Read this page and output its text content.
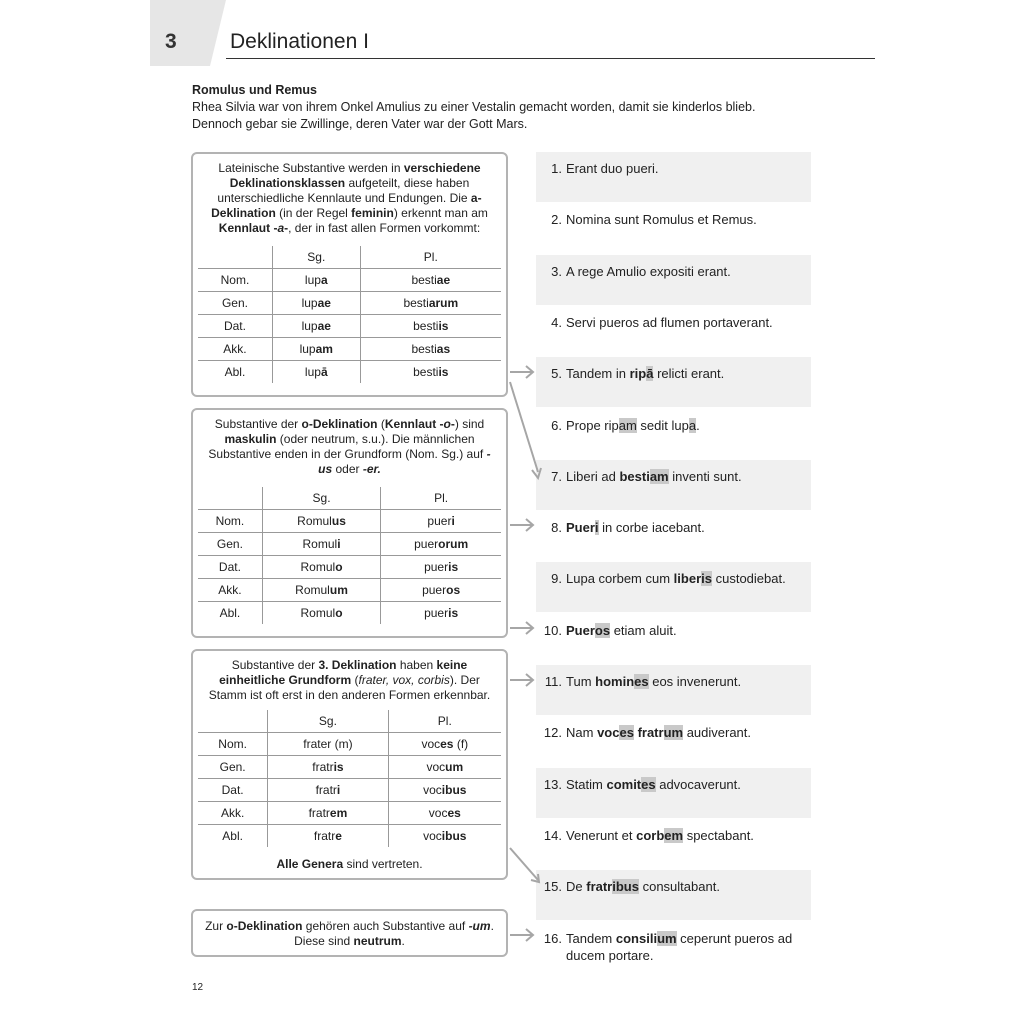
3	Deklinationen I
Romulus und Remus
Rhea Silvia war von ihrem Onkel Amulius zu einer Vestalin gemacht worden, damit sie kinderlos blieb.
Dennoch gebar sie Zwillinge, deren Vater war der Gott Mars.
Lateinische Substantive werden in verschiedene Deklinationsklassen aufgeteilt, diese haben unterschiedliche Kennlaute und Endungen. Die a-Deklination (in der Regel feminin) erkennt man am Kennlaut -a-, der in fast allen Formen vorkommt:
	Sg.	Pl.
Nom.	lupa	bestiae
Gen.	lupae	bestiarum
Dat.	lupae	bestiis
Akk.	lupam	bestias
Abl.	lupā	bestiis
Substantive der o-Deklination (Kennlaut -o-) sind maskulin (oder neutrum, s.u.). Die männlichen Substantive enden in der Grundform (Nom. Sg.) auf -us oder -er.
	Sg.	Pl.
Nom.	Romulus	pueri
Gen.	Romuli	puerorum
Dat.	Romulo	pueris
Akk.	Romulum	pueros
Abl.	Romulo	pueris
Substantive der 3. Deklination haben keine einheitliche Grundform (frater, vox, corbis). Der Stamm ist oft erst in den anderen Formen erkennbar.
	Sg.	Pl.
Nom.	frater (m)	voces (f)
Gen.	fratris	vocum
Dat.	fratri	vocibus
Akk.	fratrem	voces
Abl.	fratre	vocibus
Alle Genera sind vertreten.
Zur o-Deklination gehören auch Substantive auf -um. Diese sind neutrum.
1. Erant duo pueri.
2. Nomina sunt Romulus et Remus.
3. A rege Amulio expositi erant.
4. Servi pueros ad flumen portaverant.
5. Tandem in ripā relicti erant.
6. Prope ripam sedit lupa.
7. Liberi ad bestiam inventi sunt.
8. Pueri in corbe iacebant.
9. Lupa corbem cum liberis custodiebat.
10. Pueros etiam aluit.
11. Tum homines eos invenerunt.
12. Nam voces fratrum audiverant.
13. Statim comites advocaverunt.
14. Venerunt et corbem spectabant.
15. De fratribus consultabant.
16. Tandem consilium ceperunt pueros ad ducem portare.
12
